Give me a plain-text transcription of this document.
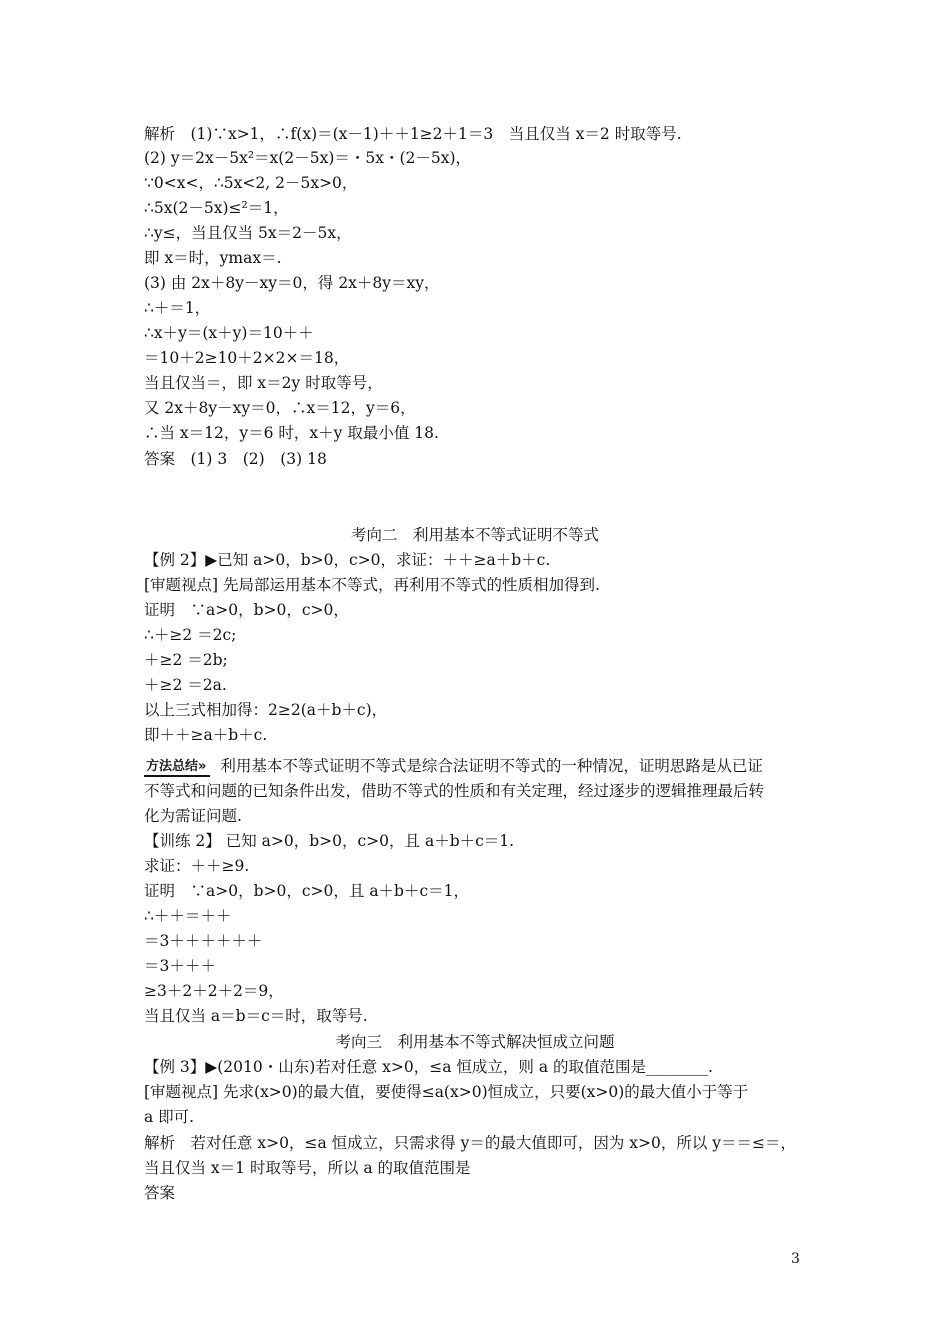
解析　(1)∵x>1，∴f(x)＝(x－1)＋＋1≥2＋1＝3　当且仅当 x＝2 时取等号.
(2) y＝2x－5x²＝x(2－5x)＝・5x・(2－5x)，
∵0<x<，∴5x<2, 2－5x>0，
∴5x(2－5x)≤²＝1，
∴y≤，当且仅当 5x＝2－5x，
即 x＝时，ymax＝.
(3) 由 2x＋8y－xy＝0，得 2x＋8y＝xy，
∴＋＝1，
∴x＋y＝(x＋y)＝10＋＋
＝10＋2≥10＋2×2×＝18，
当且仅当＝，即 x＝2y 时取等号，
又 2x＋8y－xy＝0，∴x＝12，y＝6，
∴当 x＝12，y＝6 时，x＋y 取最小值 18.
答案　(1) 3　(2)　(3) 18
考向二　利用基本不等式证明不等式
【例 2】▶已知 a>0，b>0，c>0，求证：＋＋≥a＋b＋c.
[审题视点] 先局部运用基本不等式，再利用不等式的性质相加得到.
证明　∵a>0，b>0，c>0，
∴＋≥2 ＝2c;
＋≥2 ＝2b;
＋≥2 ＝2a.
以上三式相加得：2≥2(a＋b＋c)，
即＋＋≥a＋b＋c.
方法总结» 利用基本不等式证明不等式是综合法证明不等式的一种情况，证明思路是从已证
不等式和问题的已知条件出发，借助不等式的性质和有关定理，经过逐步的逻辑推理最后转
化为需证问题.
【训练 2】 已知 a>0，b>0，c>0，且 a＋b＋c＝1.
求证：＋＋≥9.
证明　∵a>0，b>0，c>0，且 a＋b＋c＝1，
∴＋＋＝＋＋
＝3＋＋＋＋＋＋
＝3＋＋＋
≥3＋2＋2＋2＝9，
当且仅当 a＝b＝c＝时，取等号.
考向三　利用基本不等式解决恒成立问题
【例 3】▶(2010・山东)若对任意 x>0，≤a 恒成立，则 a 的取值范围是________.
[审题视点] 先求(x>0)的最大值，要使得≤a(x>0)恒成立，只要(x>0)的最大值小于等于
a 即可.
解析　若对任意 x>0，≤a 恒成立，只需求得 y＝的最大值即可，因为 x>0，所以 y＝＝≤＝，
当且仅当 x＝1 时取等号，所以 a 的取值范围是
答案
3
